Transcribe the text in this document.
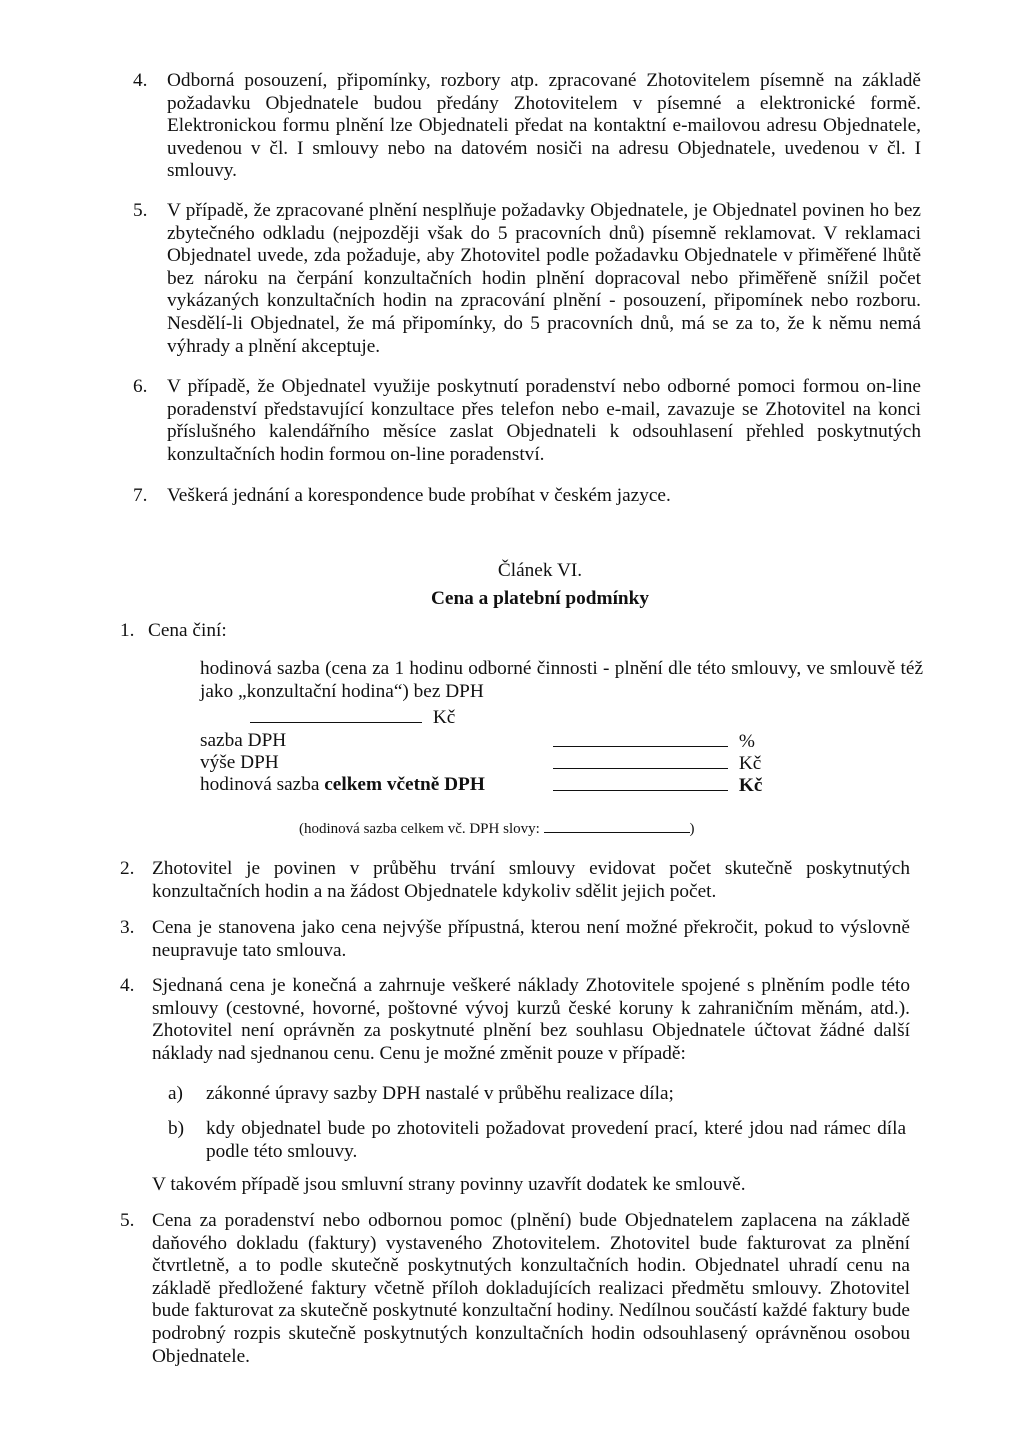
4. Odborná posouzení, připomínky, rozbory atp. zpracované Zhotovitelem písemně na základě požadavku Objednatele budou předány Zhotovitelem v písemné a elektronické formě. Elektronickou formu plnění lze Objednateli předat na kontaktní e-mailovou adresu Objednatele, uvedenou v čl. I smlouvy nebo na datovém nosiči na adresu Objednatele, uvedenou v čl. I smlouvy.
5. V případě, že zpracované plnění nesplňuje požadavky Objednatele, je Objednatel povinen ho bez zbytečného odkladu (nejpozději však do 5 pracovních dnů) písemně reklamovat. V reklamaci Objednatel uvede, zda požaduje, aby Zhotovitel podle požadavku Objednatele v přiměřené lhůtě bez nároku na čerpání konzultačních hodin plnění dopracoval nebo přiměřeně snížil počet vykázaných konzultačních hodin na zpracování plnění - posouzení, připomínek nebo rozboru. Nesdělí-li Objednatel, že má připomínky, do 5 pracovních dnů, má se za to, že k němu nemá výhrady a plnění akceptuje.
6. V případě, že Objednatel využije poskytnutí poradenství nebo odborné pomoci formou on-line poradenství představující konzultace přes telefon nebo e-mail, zavazuje se Zhotovitel na konci příslušného kalendářního měsíce zaslat Objednateli k odsouhlasení přehled poskytnutých konzultačních hodin formou on-line poradenství.
7. Veškerá jednání a korespondence bude probíhat v českém jazyce.
Článek VI.
Cena a platební podmínky
1. Cena činí:
hodinová sazba (cena za 1 hodinu odborné činnosti - plnění dle této smlouvy, ve smlouvě též jako „konzultační hodina“) bez DPH
Kč
sazba DPH	%
výše DPH	Kč
hodinová sazba celkem včetně DPH	Kč
(hodinová sazba celkem vč. DPH slovy:	)
2. Zhotovitel je povinen v průběhu trvání smlouvy evidovat počet skutečně poskytnutých konzultačních hodin a na žádost Objednatele kdykoliv sdělit jejich počet.
3. Cena je stanovena jako cena nejvýše přípustná, kterou není možné překročit, pokud to výslovně neupravuje tato smlouva.
4. Sjednaná cena je konečná a zahrnuje veškeré náklady Zhotovitele spojené s plněním podle této smlouvy (cestovné, hovorné, poštovné vývoj kurzů české koruny k zahraničním měnám, atd.). Zhotovitel není oprávněn za poskytnuté plnění bez souhlasu Objednatele účtovat žádné další náklady nad sjednanou cenu. Cenu je možné změnit pouze v případě:
a) zákonné úpravy sazby DPH nastalé v průběhu realizace díla;
b) kdy objednatel bude po zhotoviteli požadovat provedení prací, které jdou nad rámec díla podle této smlouvy.
V takovém případě jsou smluvní strany povinny uzavřít dodatek ke smlouvě.
5. Cena za poradenství nebo odbornou pomoc (plnění) bude Objednatelem zaplacena na základě daňového dokladu (faktury) vystaveného Zhotovitelem. Zhotovitel bude fakturovat za plnění čtvrtletně, a to podle skutečně poskytnutých konzultačních hodin. Objednatel uhradí cenu na základě předložené faktury včetně příloh dokladujících realizaci předmětu smlouvy. Zhotovitel bude fakturovat za skutečně poskytnuté konzultační hodiny. Nedílnou součástí každé faktury bude podrobný rozpis skutečně poskytnutých konzultačních hodin odsouhlasený oprávněnou osobou Objednatele.
